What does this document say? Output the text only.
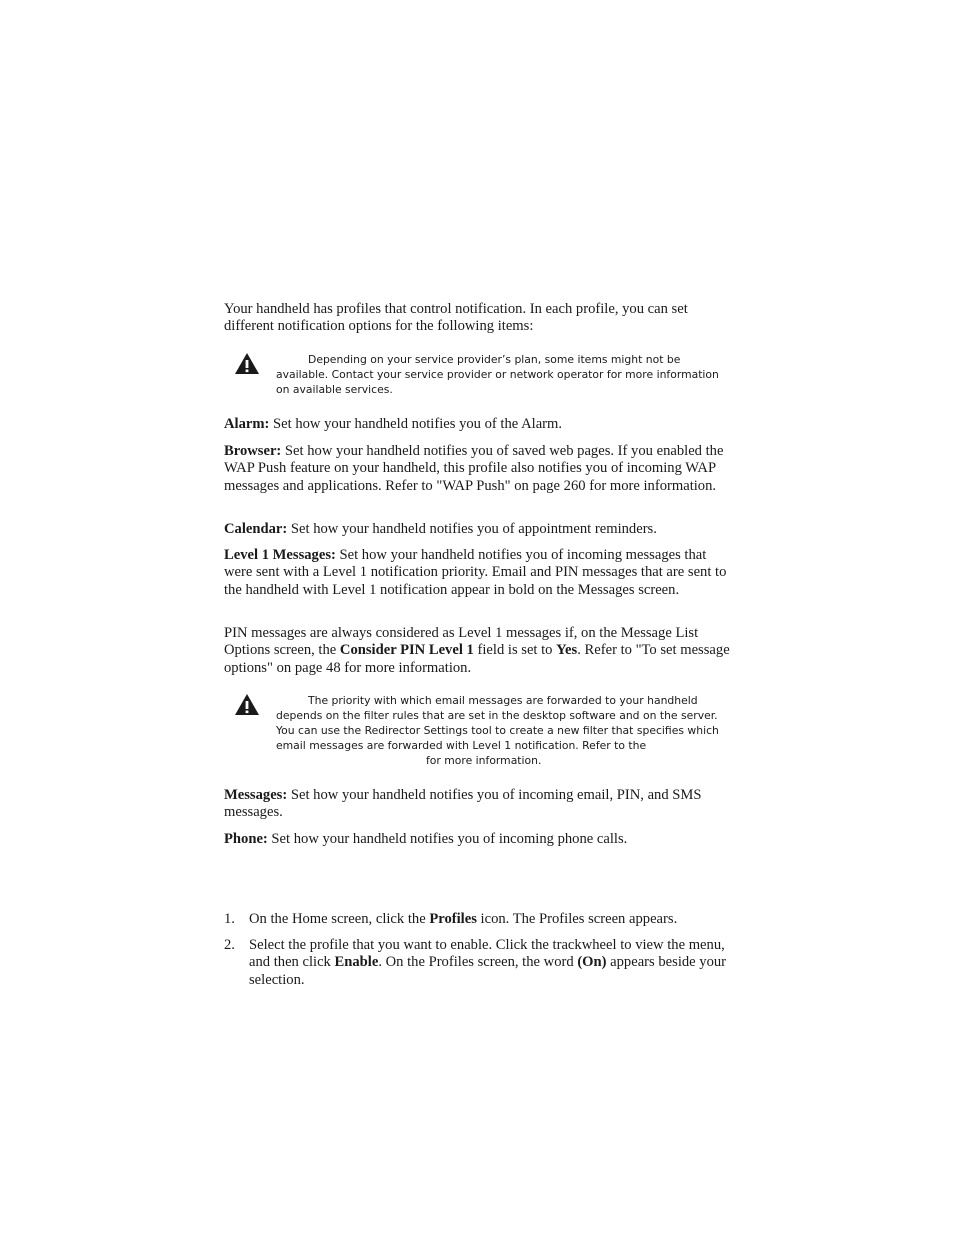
Your handheld has profiles that control notification. In each profile, you can set different notification options for the following items:

Depending on your service provider’s plan, some items might not be available. Contact your service provider or network operator for more information on available services.

Alarm: Set how your handheld notifies you of the Alarm.

Browser: Set how your handheld notifies you of saved web pages. If you enabled the WAP Push feature on your handheld, this profile also notifies you of incoming WAP messages and applications. Refer to "WAP Push" on page 260 for more information.

Calendar: Set how your handheld notifies you of appointment reminders.

Level 1 Messages: Set how your handheld notifies you of incoming messages that were sent with a Level 1 notification priority. Email and PIN messages that are sent to the handheld with Level 1 notification appear in bold on the Messages screen.

PIN messages are always considered as Level 1 messages if, on the Message List Options screen, the Consider PIN Level 1 field is set to Yes. Refer to "To set message options" on page 48 for more information.

The priority with which email messages are forwarded to your handheld depends on the filter rules that are set in the desktop software and on the server. You can use the Redirector Settings tool to create a new filter that specifies which email messages are forwarded with Level 1 notification. Refer to thefor more information.

Messages: Set how your handheld notifies you of incoming email, PIN, and SMS messages.

Phone: Set how your handheld notifies you of incoming phone calls.

1. On the Home screen, click the Profiles icon. The Profiles screen appears.

2. Select the profile that you want to enable. Click the trackwheel to view the menu, and then click Enable. On the Profiles screen, the word (On) appears beside your selection.
